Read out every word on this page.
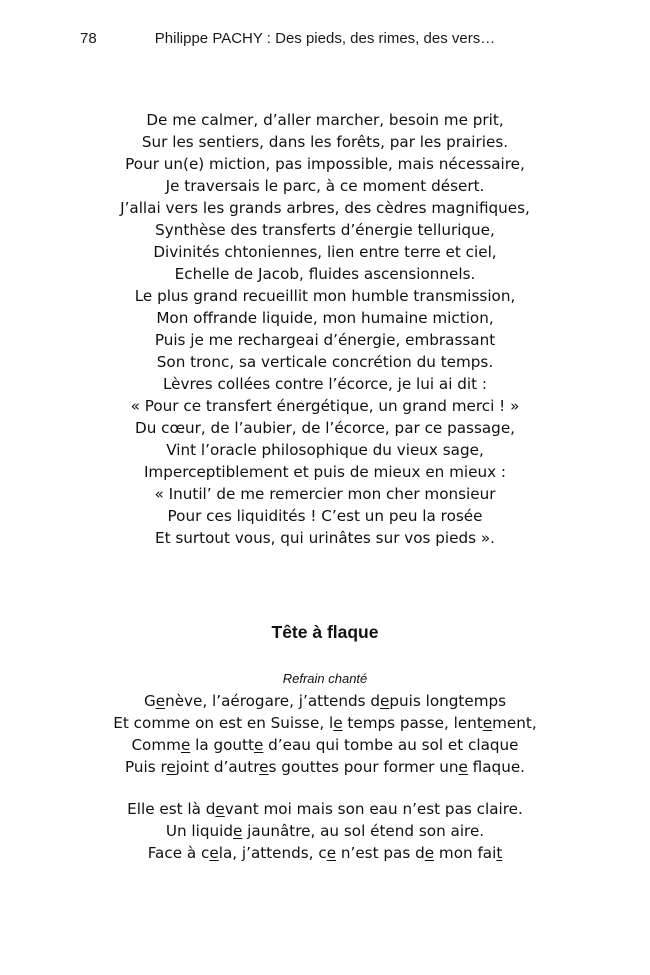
78	Philippe PACHY : Des pieds, des rimes, des vers…
De me calmer, d’aller marcher, besoin me prit,
Sur les sentiers, dans les forêts, par les prairies.
Pour un(e) miction, pas impossible, mais nécessaire,
Je traversais le parc, à ce moment désert.
J’allai vers les grands arbres, des cèdres magnifiques,
Synthèse des transferts d’énergie tellurique,
Divinités chtoniennes, lien entre terre et ciel,
Echelle de Jacob, fluides ascensionnels.
Le plus grand recueillit mon humble transmission,
Mon offrande liquide, mon humaine miction,
Puis je me rechargeai d’énergie, embrassant
Son tronc, sa verticale concrétion du temps.
Lèvres collées contre l’écorce, je lui ai dit :
« Pour ce transfert énergétique, un grand merci ! »
Du cœur, de l’aubier, de l’écorce, par ce passage,
Vint l’oracle philosophique du vieux sage,
Imperceptiblement et puis de mieux en mieux :
« Inutil’ de me remercier mon cher monsieur
Pour ces liquidités ! C’est un peu la rosée
Et surtout vous, qui urinâtes sur vos pieds ».
Tête à flaque
Refrain chanté
Genève, l’aérogare, j’attends depuis longtemps
Et comme on est en Suisse, le temps passe, lentement,
Comme la goutte d’eau qui tombe au sol et claque
Puis rejoint d’autres gouttes pour former une flaque.
Elle est là devant moi mais son eau n’est pas claire.
Un liquide jaunâtre, au sol étend son aire.
Face à cela, j’attends, ce n’est pas de mon fait
